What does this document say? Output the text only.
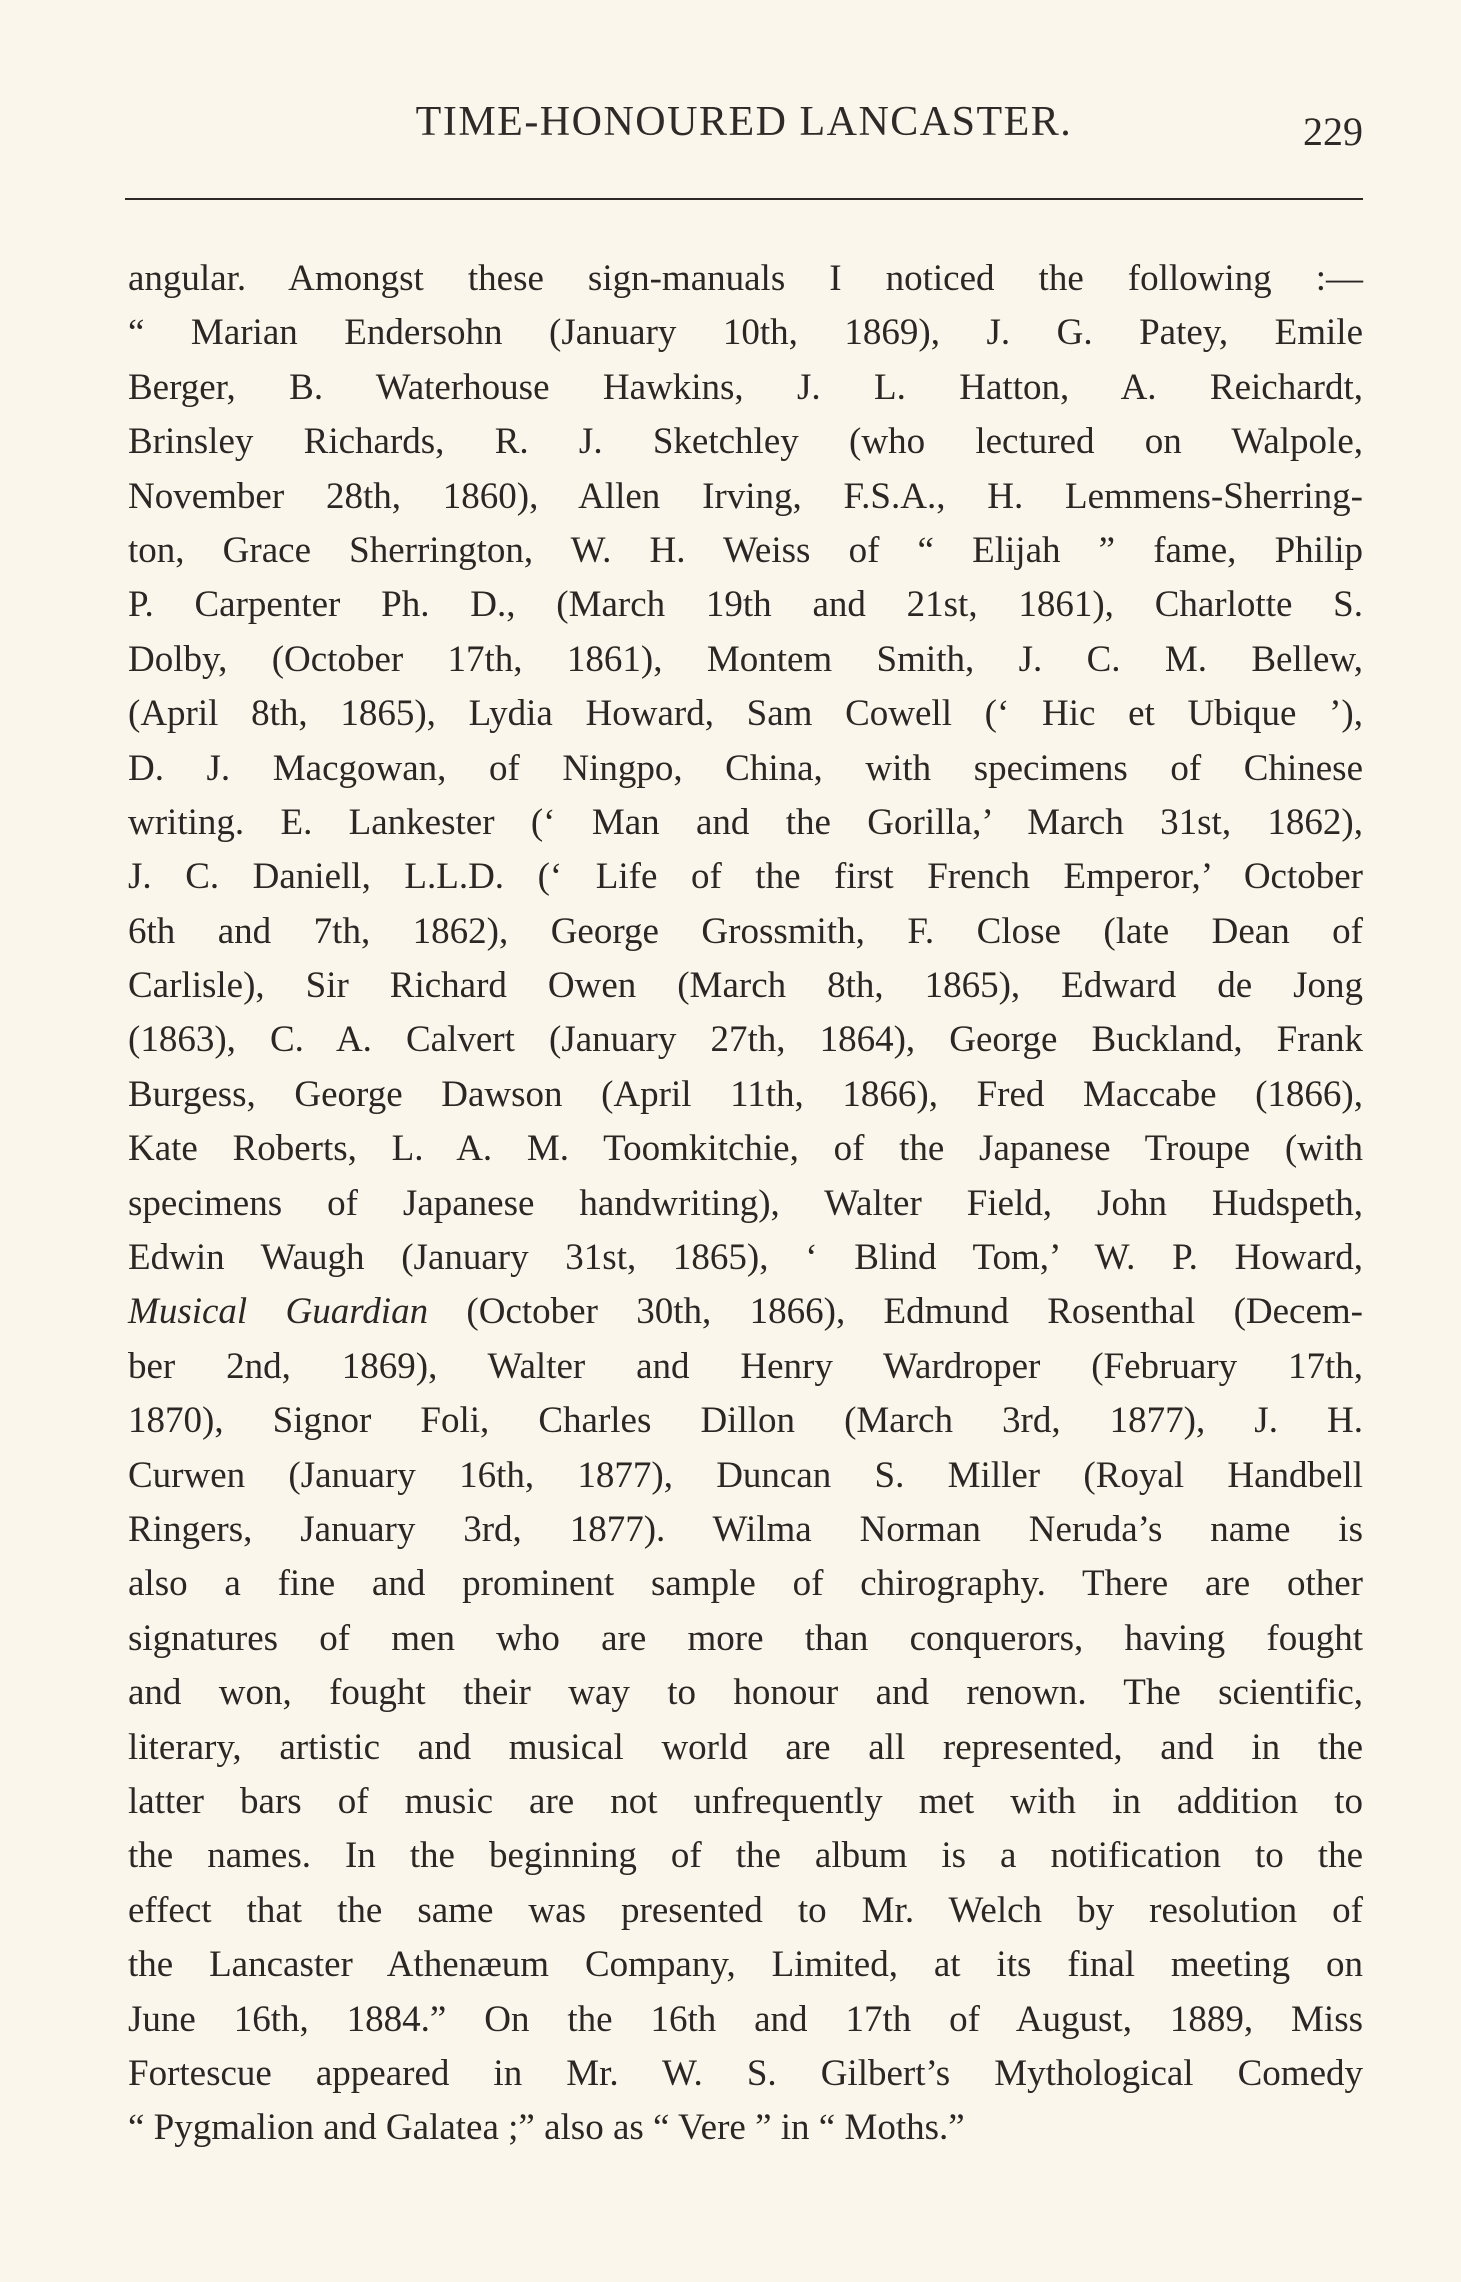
TIME-HONOURED LANCASTER.	229
angular. Amongst these sign-manuals I noticed the following :—
“ Marian Endersohn (January 10th, 1869), J. G. Patey, Emile
Berger, B. Waterhouse Hawkins, J. L. Hatton, A. Reichardt,
Brinsley Richards, R. J. Sketchley (who lectured on Walpole,
November 28th, 1860), Allen Irving, F.S.A., H. Lemmens-Sherring-
ton, Grace Sherrington, W. H. Weiss of “ Elijah ” fame, Philip
P. Carpenter Ph. D., (March 19th and 21st, 1861), Charlotte S.
Dolby, (October 17th, 1861), Montem Smith, J. C. M. Bellew,
(April 8th, 1865), Lydia Howard, Sam Cowell (‘ Hic et Ubique ’),
D. J. Macgowan, of Ningpo, China, with specimens of Chinese
writing. E. Lankester (‘ Man and the Gorilla,’ March 31st, 1862),
J. C. Daniell, L.L.D. (‘ Life of the first French Emperor,’ October
6th and 7th, 1862), George Grossmith, F. Close (late Dean of
Carlisle), Sir Richard Owen (March 8th, 1865), Edward de Jong
(1863), C. A. Calvert (January 27th, 1864), George Buckland, Frank
Burgess, George Dawson (April 11th, 1866), Fred Maccabe (1866),
Kate Roberts, L. A. M. Toomkitchie, of the Japanese Troupe (with
specimens of Japanese handwriting), Walter Field, John Hudspeth,
Edwin Waugh (January 31st, 1865), ‘ Blind Tom,’ W. P. Howard,
Musical Guardian (October 30th, 1866), Edmund Rosenthal (Decem-
ber 2nd, 1869), Walter and Henry Wardroper (February 17th,
1870), Signor Foli, Charles Dillon (March 3rd, 1877), J. H.
Curwen (January 16th, 1877), Duncan S. Miller (Royal Handbell
Ringers, January 3rd, 1877). Wilma Norman Neruda’s name is
also a fine and prominent sample of chirography. There are other
signatures of men who are more than conquerors, having fought
and won, fought their way to honour and renown. The scientific,
literary, artistic and musical world are all represented, and in the
latter bars of music are not unfrequently met with in addition to
the names. In the beginning of the album is a notification to the
effect that the same was presented to Mr. Welch by resolution of
the Lancaster Athenæum Company, Limited, at its final meeting on
June 16th, 1884.” On the 16th and 17th of August, 1889, Miss
Fortescue appeared in Mr. W. S. Gilbert’s Mythological Comedy
“ Pygmalion and Galatea ;” also as “ Vere ” in “ Moths.”
